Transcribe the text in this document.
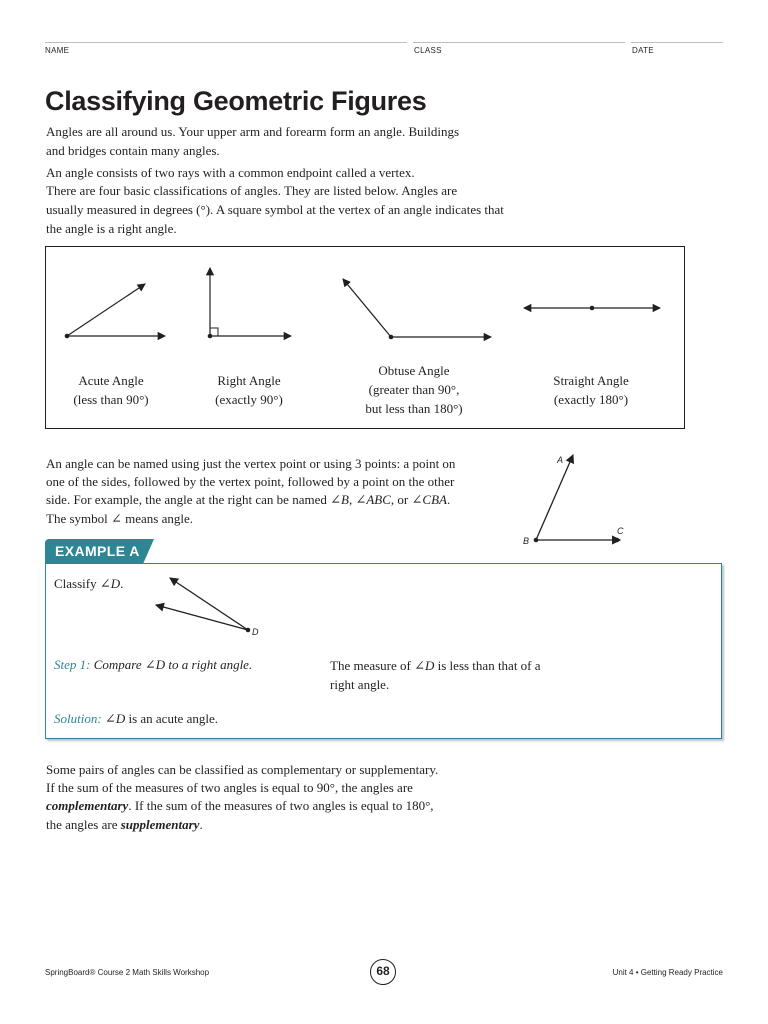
NAME	CLASS	DATE
Classifying Geometric Figures

Angles are all around us. Your upper arm and forearm form an angle. Buildings

and bridges contain many angles.

An angle consists of two rays with a common endpoint called a vertex.

There are four basic classifications of angles. They are listed below. Angles are

usually measured in degrees (°). A square symbol at the vertex of an angle indicates that

the angle is a right angle.

Acute Angle
(less than 90°)
Right Angle
(exactly 90°)
Obtuse Angle
(greater than 90°,
but less than 180°)
Straight Angle
(exactly 180°)

An angle can be named using just the vertex point or using 3 points: a point on

one of the sides, followed by the vertex point, followed by a point on the other

side. For example, the angle at the right can be named ∠B, ∠ABC, or ∠CBA.

The symbol ∠ means angle.

A
B
C
EXAMPLE A

Classify ∠D.

D

Step 1: Compare ∠D to a right angle.	The measure of ∠D is less than that of a

right angle.

Solution: ∠D is an acute angle.

Some pairs of angles can be classified as complementary or supplementary.

If the sum of the measures of two angles is equal to 90°, the angles are

complementary. If the sum of the measures of two angles is equal to 180°,

the angles are supplementary.

SpringBoard® Course 2 Math Skills Workshop	68	Unit 4 • Getting Ready Practice
